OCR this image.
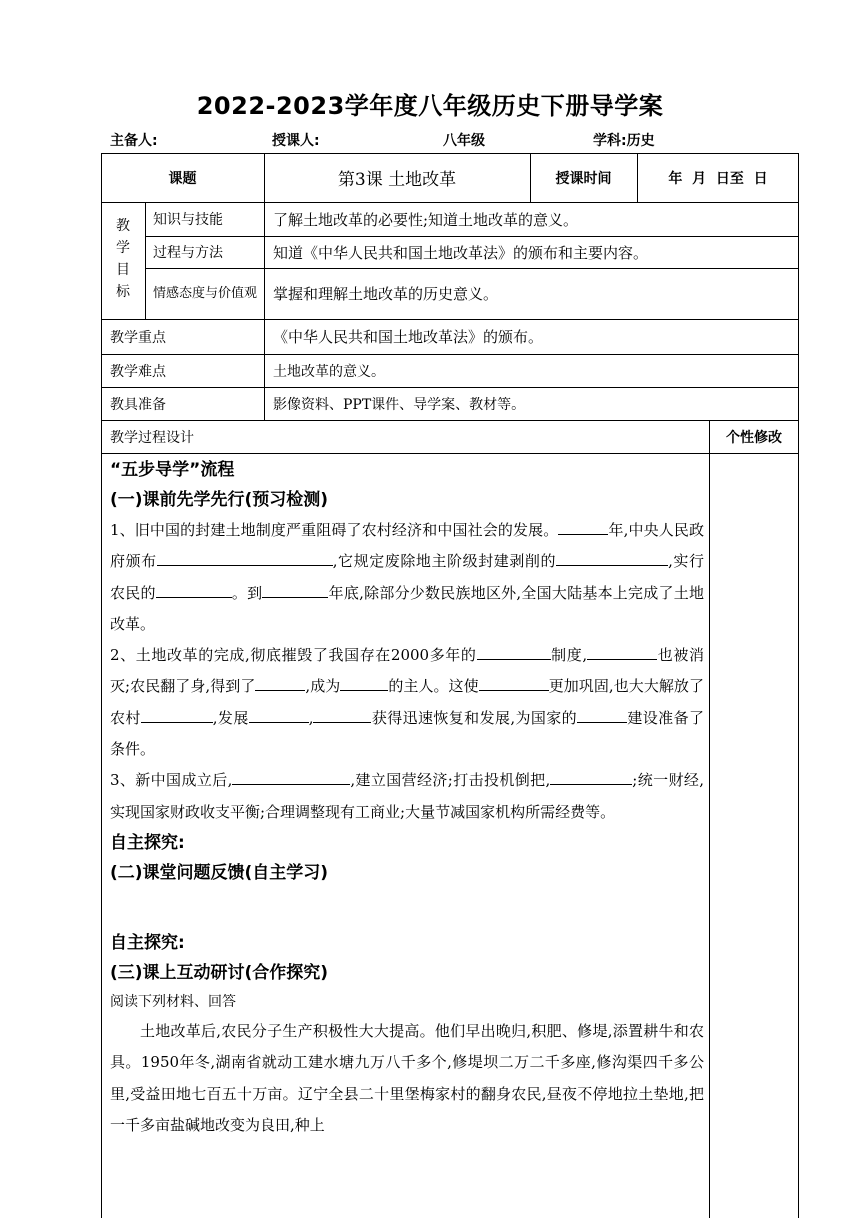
2022-2023学年度八年级历史下册导学案
主备人:	授课人:	八年级	学科:历史
课题	第3课 土地改革	授课时间	年  月  日至  日
教
学
目
标
知识与技能	了解土地改革的必要性;知道土地改革的意义。
过程与方法	知道《中华人民共和国土地改革法》的颁布和主要内容。
情感态度与价值观 掌握和理解土地改革的历史意义。
教学重点	《中华人民共和国土地改革法》的颁布。
教学难点	土地改革的意义。
教具准备	影像资料、PPT课件、导学案、教材等。
教学过程设计	个性修改
“五步导学”流程
(一)课前先学先行(预习检测)

1、旧中国的封建土地制度严重阻碍了农村经济和中国社会的发展。	年,中央人民政府颁布	,它规定废除地主阶级封建剥削的	,实行农民的	。到	年底,除部分少数民族地区外,全国大陆基本上完成了土地改革。

2、土地改革的完成,彻底摧毁了我国存在2000多年的	制度,	也被消灭;农民翻了身,得到了	,成为	的主人。这使	更加巩固,也大大解放了农村	,发展	,	获得迅速恢复和发展,为国家的	建设准备了条件。

3、新中国成立后,	,建立国营经济;打击投机倒把,	;统一财经,实现国家财政收支平衡;合理调整现有工商业;大量节减国家机构所需经费等。

自主探究:
(二)课堂问题反馈(自主学习)
自主探究:
(三)课上互动研讨(合作探究)
阅读下列材料、回答

土地改革后,农民分子生产积极性大大提高。他们早出晚归,积肥、修堤,添置耕牛和农具。1950年冬,湖南省就动工建水塘九万八千多个,修堤坝二万二千多座,修沟渠四千多公里,受益田地七百五十万亩。辽宁全县二十里堡梅家村的翻身农民,昼夜不停地拉土垫地,把一千多亩盐碱地改变为良田,种上
